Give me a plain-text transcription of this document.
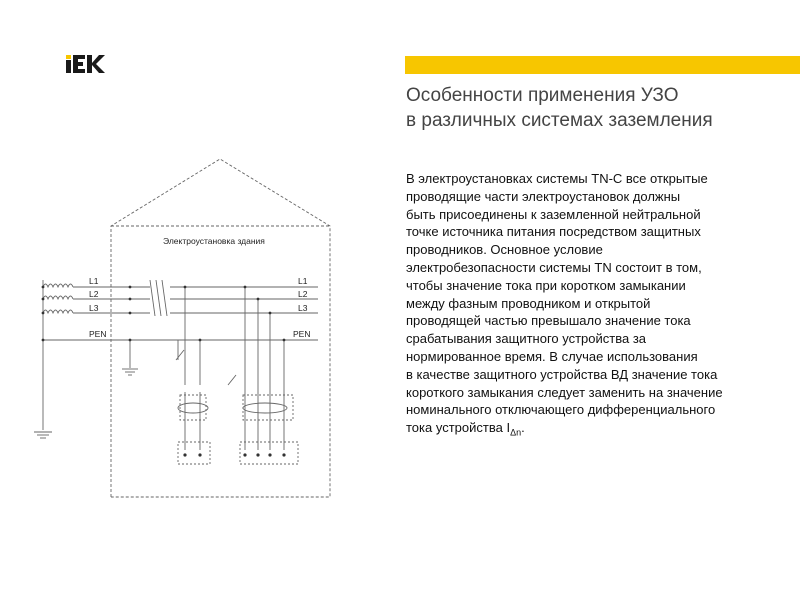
Особенности применения УЗО
в различных системах заземления
В электроустановках системы TN-C все открытые
проводящие части электроустановок должны
быть присоединены к заземленной нейтральной
точке источника питания посредством защитных
проводников. Основное условие
электробезопасности системы TN состоит в том,
чтобы значение тока при коротком замыкании
между фазным проводником и открытой
проводящей частью превышало значение тока
срабатывания защитного устройства за
нормированное время. В случае использования
в качестве защитного устройства ВД значение тока
короткого замыкания следует заменить на значение
номинального отключающего дифференциального
тока устройства $I_{\Delta n}$.
Электроустановка здания
L1
L2
L3
PEN
L1
L2
L3
PEN
